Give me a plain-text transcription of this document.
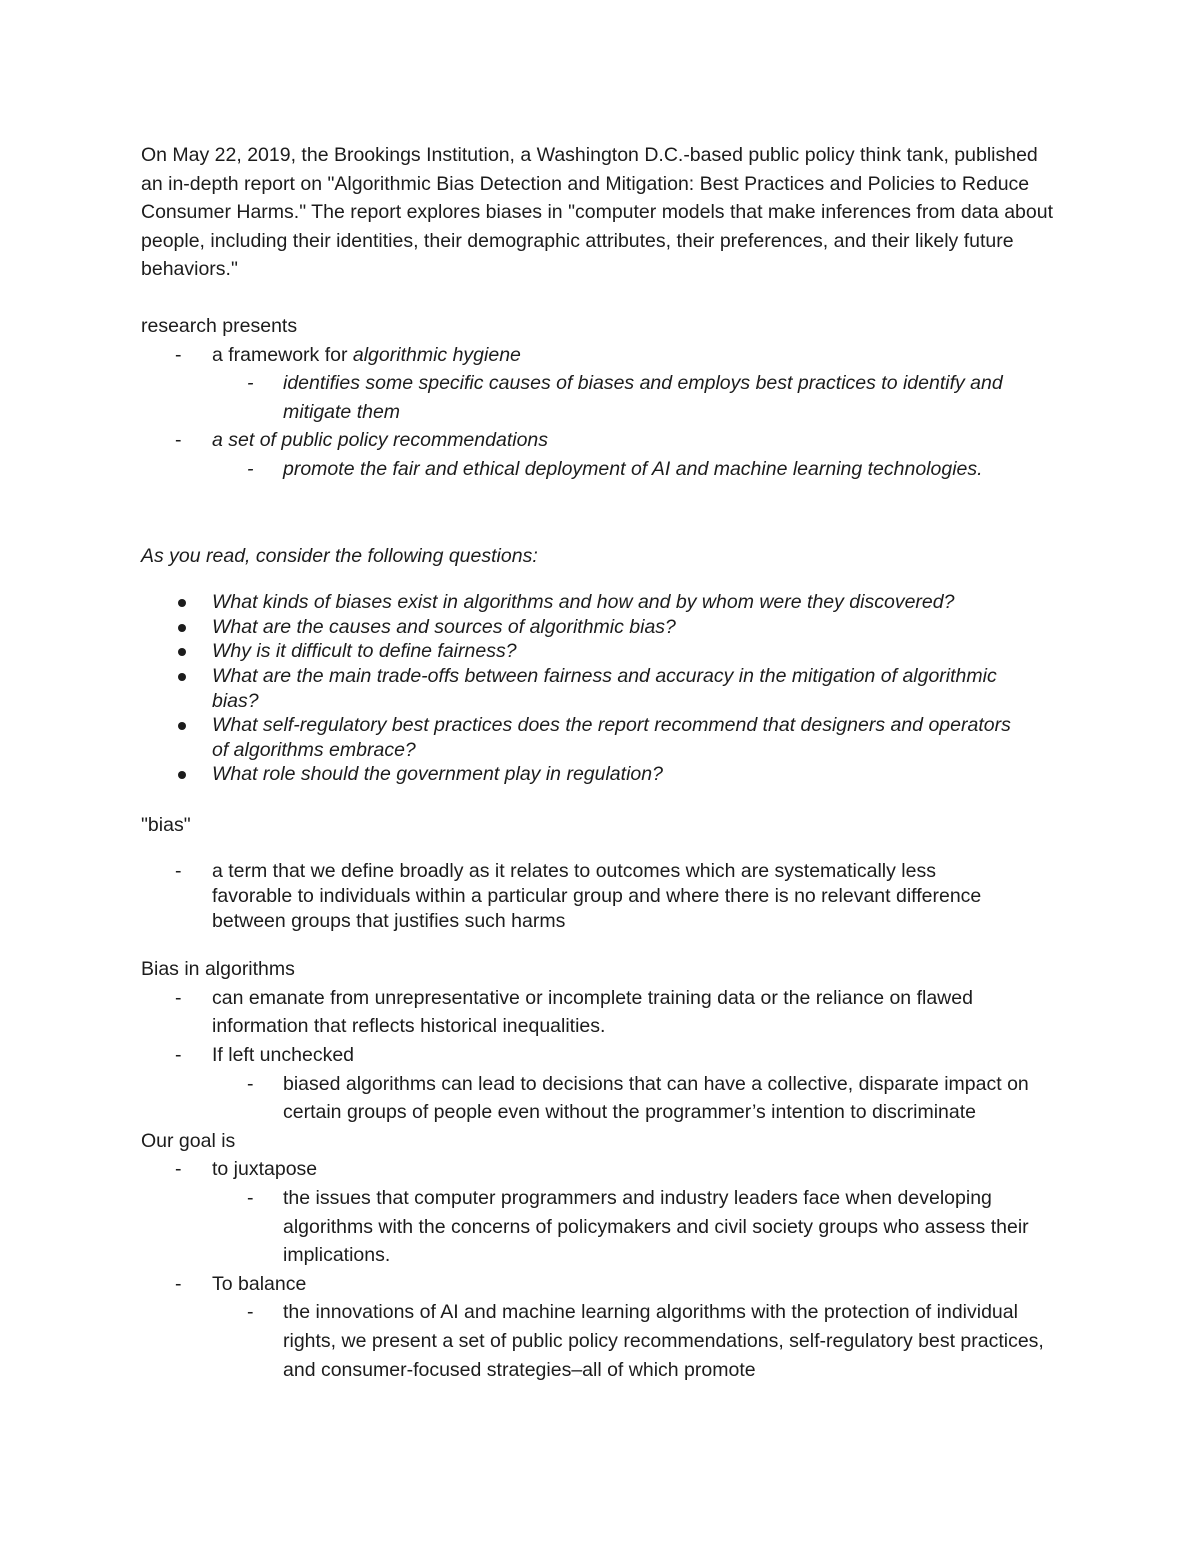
On May 22, 2019, the Brookings Institution, a Washington D.C.-based public policy think tank, published an in-depth report on "Algorithmic Bias Detection and Mitigation: Best Practices and Policies to Reduce Consumer Harms." The report explores biases in "computer models that make inferences from data about people, including their identities, their demographic attributes, their preferences, and their likely future behaviors."

research presents

- a framework for algorithmic hygiene
- identifies some specific causes of biases and employs best practices to identify and mitigate them
- a set of public policy recommendations
- promote the fair and ethical deployment of AI and machine learning technologies.

As you read, consider the following questions:

What kinds of biases exist in algorithms and how and by whom were they discovered?
What are the causes and sources of algorithmic bias?
Why is it difficult to define fairness?
What are the main trade-offs between fairness and accuracy in the mitigation of algorithmic bias?
What self-regulatory best practices does the report recommend that designers and operators of algorithms embrace?
What role should the government play in regulation?

"bias"

- a term that we define broadly as it relates to outcomes which are systematically less favorable to individuals within a particular group and where there is no relevant difference between groups that justifies such harms

Bias in algorithms

- can emanate from unrepresentative or incomplete training data or the reliance on flawed information that reflects historical inequalities.
- If left unchecked
- biased algorithms can lead to decisions that can have a collective, disparate impact on certain groups of people even without the programmer’s intention to discriminate

Our goal is

- to juxtapose
- the issues that computer programmers and industry leaders face when developing algorithms with the concerns of policymakers and civil society groups who assess their implications.
- To balance
- the innovations of AI and machine learning algorithms with the protection of individual rights, we present a set of public policy recommendations, self-regulatory best practices, and consumer-focused strategies–all of which promote
